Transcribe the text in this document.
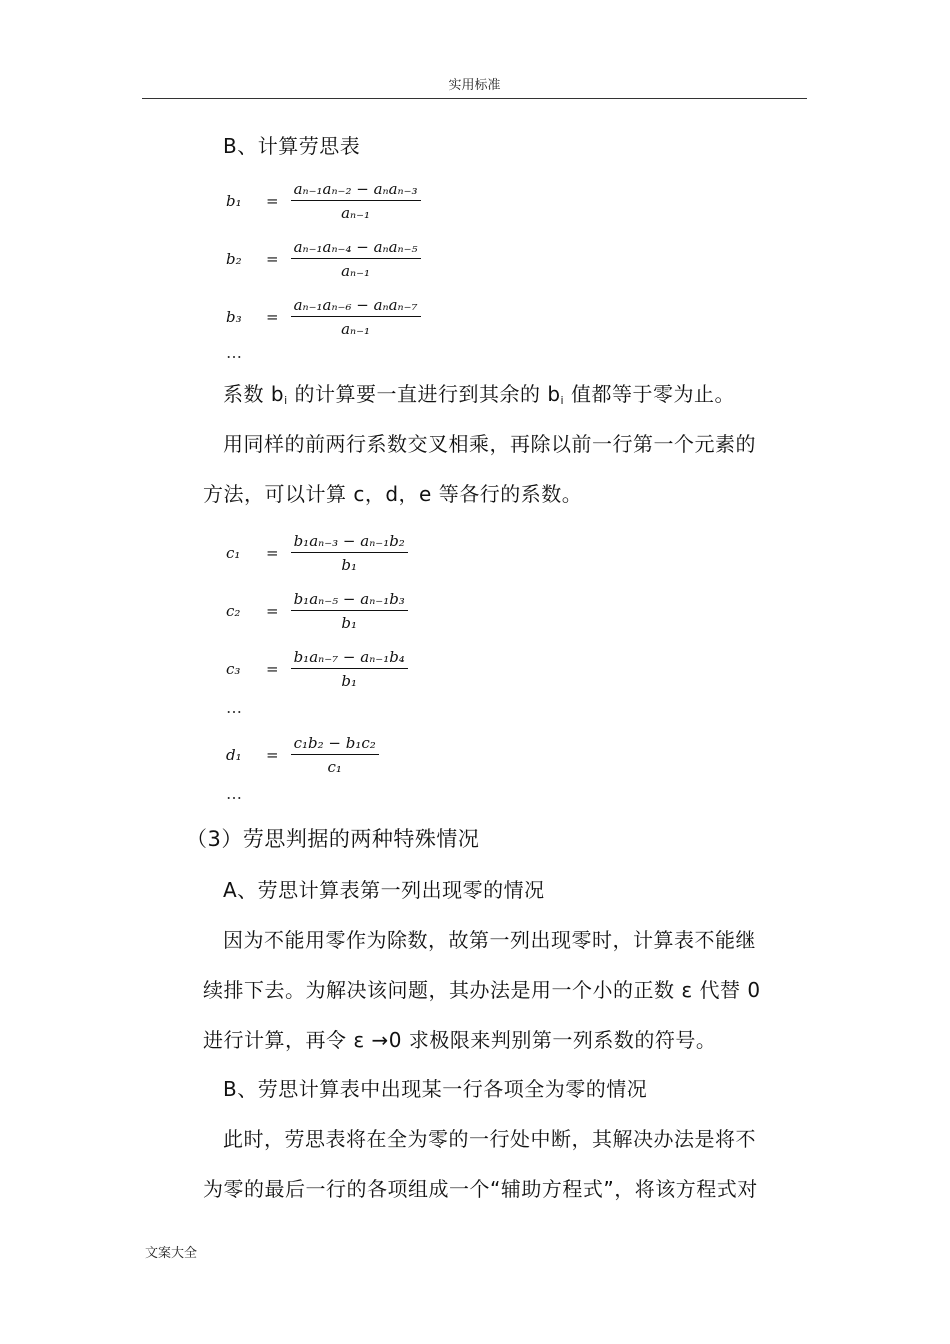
实用标准
B、计算劳思表
b₁	= $\frac{\text{aₙ₋₁aₙ₋₂ − aₙaₙ₋₃}}{\text{aₙ₋₁}}$
b₂	= $\frac{\text{aₙ₋₁aₙ₋₄ − aₙaₙ₋₅}}{\text{aₙ₋₁}}$
b₃	= $\frac{\text{aₙ₋₁aₙ₋₆ − aₙaₙ₋₇}}{\text{aₙ₋₁}}$
…
系数 $b_i$ 的计算要一直进行到其余的 $b_i$ 值都等于零为止。
用同样的前两行系数交叉相乘，再除以前一行第一个元素的
方法，可以计算 c，d，e 等各行的系数。
c₁	= $\frac{\text{b₁aₙ₋₃ − aₙ₋₁b₂}}{\text{b₁}}$
c₂	= $\frac{\text{b₁aₙ₋₅ − aₙ₋₁b₃}}{\text{b₁}}$
c₃	= $\frac{\text{b₁aₙ₋₇ − aₙ₋₁b₄}}{\text{b₁}}$
…
d₁	= $\frac{\text{c₁b₂ − b₁c₂}}{\text{c₁}}$
…
（3）劳思判据的两种特殊情况
A、劳思计算表第一列出现零的情况
因为不能用零作为除数，故第一列出现零时，计算表不能继
续排下去。为解决该问题，其办法是用一个小的正数 ε 代替 0
进行计算，再令 ε →0 求极限来判别第一列系数的符号。
B、劳思计算表中出现某一行各项全为零的情况
此时，劳思表将在全为零的一行处中断，其解决办法是将不
为零的最后一行的各项组成一个“辅助方程式”，将该方程式对
文案大全
